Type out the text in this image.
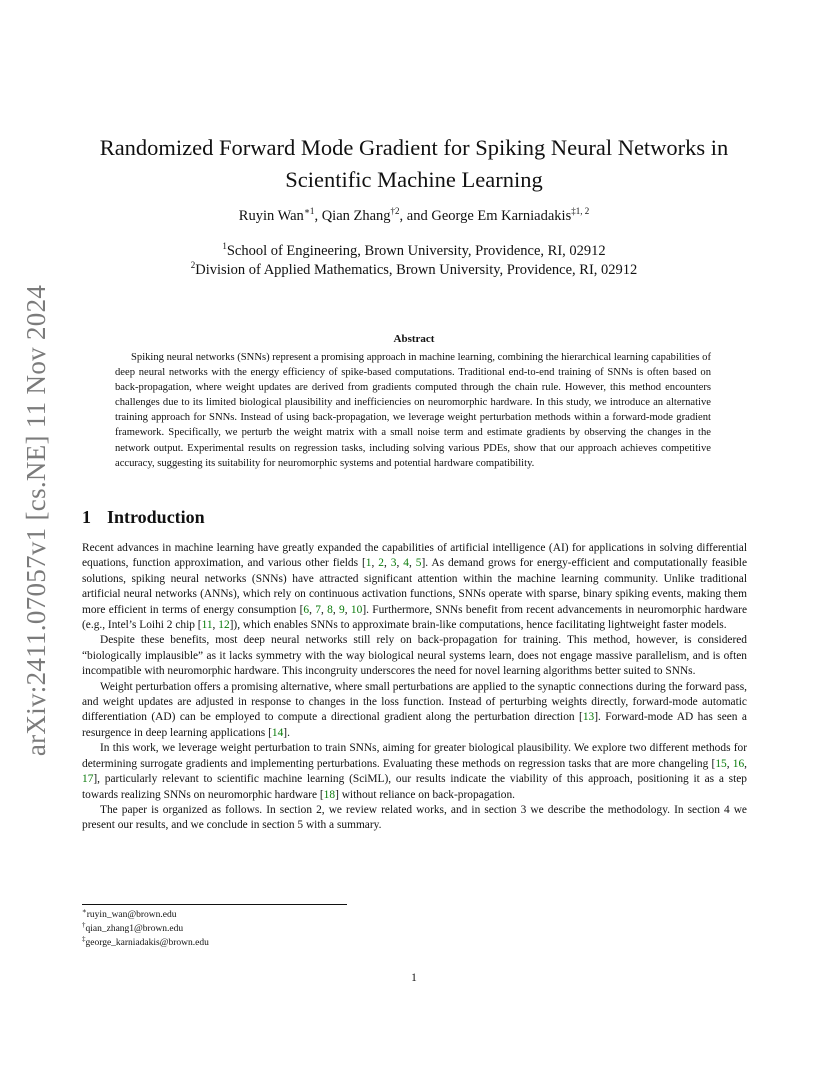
arXiv:2411.07057v1 [cs.NE] 11 Nov 2024
Randomized Forward Mode Gradient for Spiking Neural Networks in Scientific Machine Learning
Ruyin Wan$^{∗1}$, Qian Zhang$^{\dagger 2}$, and George Em Karniadakis$^{\ddagger 1, 2}$
$^1$School of Engineering, Brown University, Providence, RI, 02912
$^2$Division of Applied Mathematics, Brown University, Providence, RI, 02912
Abstract

Spiking neural networks (SNNs) represent a promising approach in machine learning, combining the hierarchical learning capabilities of deep neural networks with the energy efficiency of spike-based computations. Traditional end-to-end training of SNNs is often based on back-propagation, where weight updates are derived from gradients computed through the chain rule. However, this method encounters challenges due to its limited biological plausibility and inefficiencies on neuromorphic hardware. In this study, we introduce an alternative training approach for SNNs. Instead of using back-propagation, we leverage weight perturbation methods within a forward-mode gradient framework. Specifically, we perturb the weight matrix with a small noise term and estimate gradients by observing the changes in the network output. Experimental results on regression tasks, including solving various PDEs, show that our approach achieves competitive accuracy, suggesting its suitability for neuromorphic systems and potential hardware compatibility.

1 Introduction

Recent advances in machine learning have greatly expanded the capabilities of artificial intelligence (AI) for applications in solving differential equations, function approximation, and various other fields [1, 2, 3, 4, 5]. As demand grows for energy-efficient and computationally feasible solutions, spiking neural networks (SNNs) have attracted significant attention within the machine learning community. Unlike traditional artificial neural networks (ANNs), which rely on continuous activation functions, SNNs operate with sparse, binary spiking events, making them more efficient in terms of energy consumption [6, 7, 8, 9, 10]. Furthermore, SNNs benefit from recent advancements in neuromorphic hardware (e.g., Intel’s Loihi 2 chip [11, 12]), which enables SNNs to approximate brain-like computations, hence facilitating lightweight faster models.

Despite these benefits, most deep neural networks still rely on back-propagation for training. This method, however, is considered “biologically implausible” as it lacks symmetry with the way biological neural systems learn, does not engage massive parallelism, and is often incompatible with neuromorphic hardware. This incongruity underscores the need for novel learning algorithms better suited to SNNs.

Weight perturbation offers a promising alternative, where small perturbations are applied to the synaptic connections during the forward pass, and weight updates are adjusted in response to changes in the loss function. Instead of perturbing weights directly, forward-mode automatic differentiation (AD) can be employed to compute a directional gradient along the perturbation direction [13]. Forward-mode AD has seen a resurgence in deep learning applications [14].

In this work, we leverage weight perturbation to train SNNs, aiming for greater biological plausibility. We explore two different methods for determining surrogate gradients and implementing perturbations. Evaluating these methods on regression tasks that are more changeling [15, 16, 17], particularly relevant to scientific machine learning (SciML), our results indicate the viability of this approach, positioning it as a step towards realizing SNNs on neuromorphic hardware [18] without reliance on back-propagation.

The paper is organized as follows. In section 2, we review related works, and in section 3 we describe the methodology. In section 4 we present our results, and we conclude in section 5 with a summary.

∗ruyin_wan@brown.edu
†qian_zhang1@brown.edu
‡george_karniadakis@brown.edu
1
